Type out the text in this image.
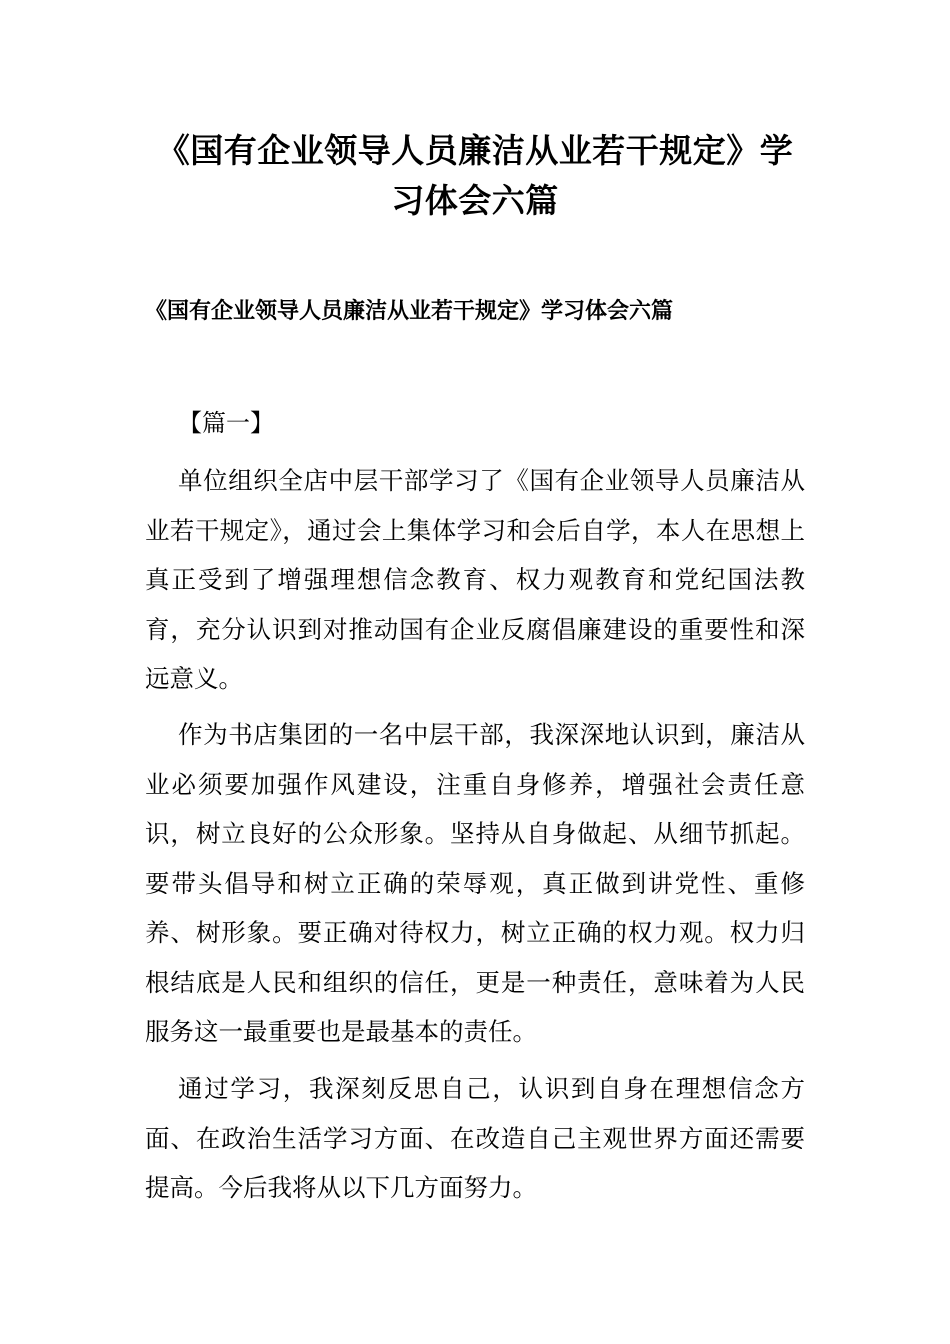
《国有企业领导人员廉洁从业若干规定》学习体会六篇
《国有企业领导人员廉洁从业若干规定》学习体会六篇

【篇一】

单位组织全店中层干部学习了《国有企业领导人员廉洁从业若干规定》，通过会上集体学习和会后自学，本人在思想上真正受到了增强理想信念教育、权力观教育和党纪国法教育，充分认识到对推动国有企业反腐倡廉建设的重要性和深远意义。

作为书店集团的一名中层干部，我深深地认识到，廉洁从业必须要加强作风建设，注重自身修养，增强社会责任意识，树立良好的公众形象。坚持从自身做起、从细节抓起。要带头倡导和树立正确的荣辱观，真正做到讲党性、重修养、树形象。要正确对待权力，树立正确的权力观。权力归根结底是人民和组织的信任，更是一种责任，意味着为人民服务这一最重要也是最基本的责任。

通过学习，我深刻反思自己，认识到自身在理想信念方面、在政治生活学习方面、在改造自己主观世界方面还需要提高。今后我将从以下几方面努力。
